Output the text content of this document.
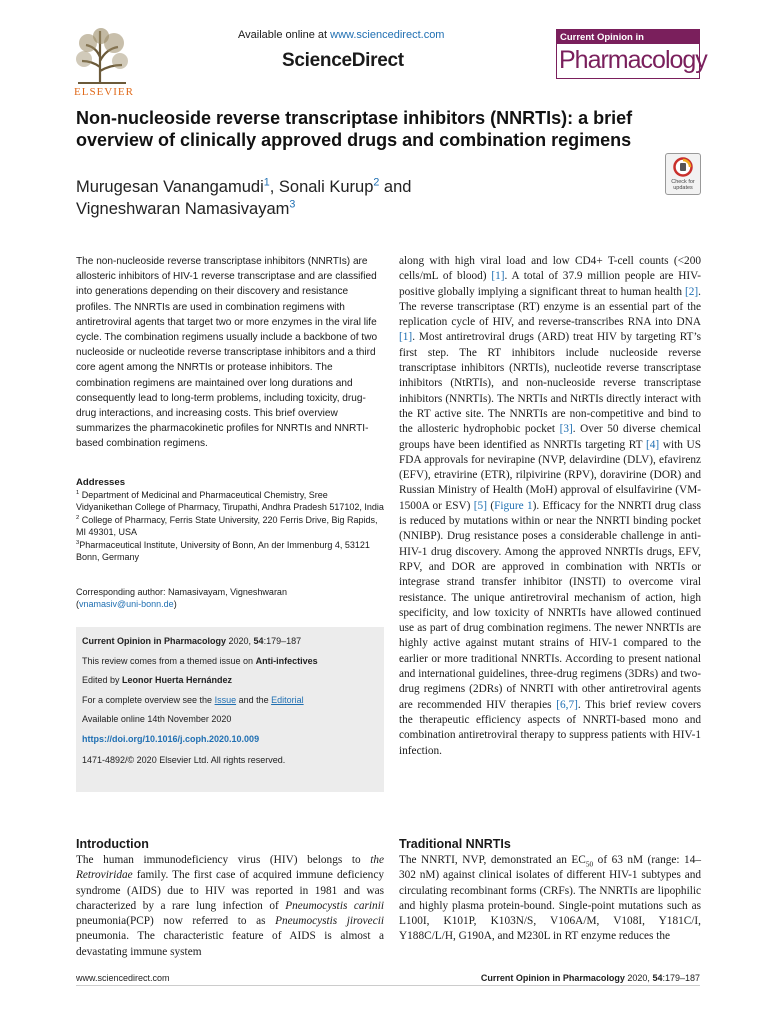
ELSEVIER
Available online at www.sciencedirect.com
ScienceDirect
Current Opinion in
Pharmacology
Non-nucleoside reverse transcriptase inhibitors (NNRTIs): a brief overview of clinically approved drugs and combination regimens
Murugesan Vanangamudi$^1$, Sonali Kurup$^2$ and
Vigneshwaran Namasivayam$^3$
Check for updates

The non-nucleoside reverse transcriptase inhibitors (NNRTIs) are allosteric inhibitors of HIV-1 reverse transcriptase and are classified into generations depending on their discovery and resistance profiles. The NNRTIs are used in combination regimens with antiretroviral agents that target two or more enzymes in the viral life cycle. The combination regimens usually include a backbone of two nucleoside or nucleotide reverse transcriptase inhibitors and a third core agent among the NNRTIs or protease inhibitors. The combination regimens are maintained over long durations and consequently lead to long-term problems, including toxicity, drug-drug interactions, and increasing costs. This brief overview summarizes the pharmacokinetic profiles for NNRTIs and NNRTI-based combination regimens.

Addresses
$^1$ Department of Medicinal and Pharmaceutical Chemistry, Sree Vidyanikethan College of Pharmacy, Tirupathi, Andhra Pradesh 517102, India
$^2$ College of Pharmacy, Ferris State University, 220 Ferris Drive, Big Rapids, MI 49301, USA
$^3$Pharmaceutical Institute, University of Bonn, An der Immenburg 4, 53121 Bonn, Germany
Corresponding author: Namasivayam, Vigneshwaran
(vnamasiv@uni-bonn.de)
Current Opinion in Pharmacology 2020, 54:179–187
This review comes from a themed issue on Anti-infectives
Edited by Leonor Huerta Hernández
For a complete overview see the Issue and the Editorial
Available online 14th November 2020
https://doi.org/10.1016/j.coph.2020.10.009
1471-4892/© 2020 Elsevier Ltd. All rights reserved.
along with high viral load and low CD4+ T-cell counts (<200 cells/mL of blood) [1]. A total of 37.9 million people are HIV-positive globally implying a significant threat to human health [2]. The reverse transcriptase (RT) enzyme is an essential part of the replication cycle of HIV, and reverse-transcribes RNA into DNA [1]. Most antiretroviral drugs (ARD) treat HIV by targeting RT’s first step. The RT inhibitors include nucleoside reverse transcriptase inhibitors (NRTIs), nucleotide reverse transcriptase inhibitors (NtRTIs), and non-nucleoside reverse transcriptase inhibitors (NNRTIs). The NRTIs and NtRTIs directly interact with the RT active site. The NNRTIs are non-competitive and bind to the allosteric hydrophobic pocket [3]. Over 50 diverse chemical groups have been identified as NNRTIs targeting RT [4] with US FDA approvals for nevirapine (NVP, delavirdine (DLV), efavirenz (EFV), etravirine (ETR), rilpivirine (RPV), doravirine (DOR) and Russian Ministry of Health (MoH) approval of elsulfavirine (VM-1500A or ESV) [5] (Figure 1). Efficacy for the NNRTI drug class is reduced by mutations within or near the NNRTI binding pocket (NNIBP). Drug resistance poses a considerable challenge in anti-HIV-1 drug discovery. Among the approved NNRTIs drugs, EFV, RPV, and DOR are approved in combination with NRTIs or integrase strand transfer inhibitor (INSTI) to overcome viral resistance. The unique antiretroviral mechanism of action, high specificity, and low toxicity of NNRTIs have allowed continued use as part of drug combination regimens. The newer NNRTIs are highly active against mutant strains of HIV-1 compared to the earlier or more traditional NNRTIs. According to present national and international guidelines, three-drug regimens (3DRs) and two-drug regimens (2DRs) of NNRTI with other antiretroviral agents are recommended HIV therapies [6,7]. This brief review covers the therapeutic efficiency aspects of NNRTI-based mono and combination antiretroviral therapy to suppress patients with HIV-1 infection.
Introduction

The human immunodeficiency virus (HIV) belongs to the Retroviridae family. The first case of acquired immune deficiency syndrome (AIDS) due to HIV was reported in 1981 and was characterized by a rare lung infection of Pneumocystis carinii pneumonia(PCP) now referred to as Pneumocystis jirovecii pneumonia. The characteristic feature of AIDS is almost a devastating immune system

Traditional NNRTIs

The NNRTI, NVP, demonstrated an $EC_{50}$ of 63 nM (range: 14–302 nM) against clinical isolates of different HIV-1 subtypes and circulating recombinant forms (CRFs). The NNRTIs are lipophilic and highly plasma protein-bound. Single-point mutations such as L100I, K101P, K103N/S, V106A/M, V108I, Y181C/I, Y188C/L/H, G190A, and M230L in RT enzyme reduces the

www.sciencedirect.com	Current Opinion in Pharmacology 2020, 54:179–187
